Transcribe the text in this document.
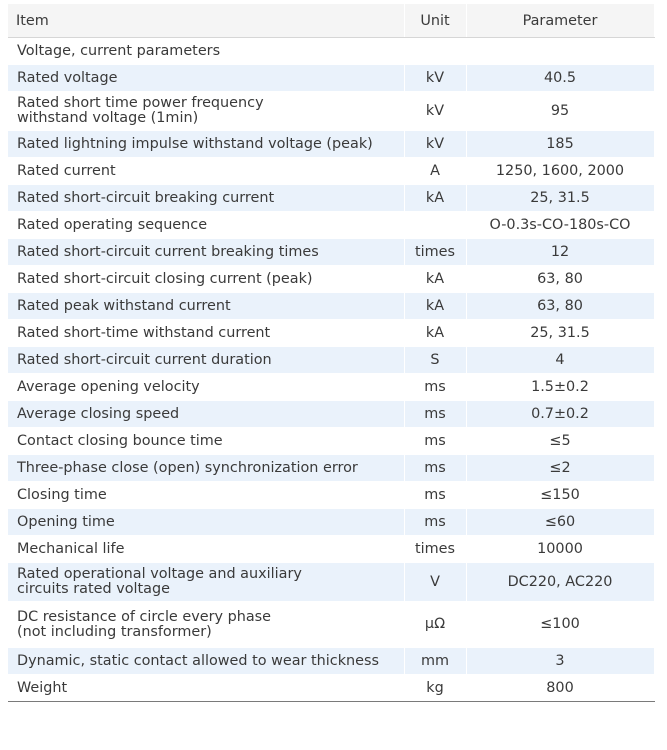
Item	Unit	Parameter
Voltage, current parameters		
Rated voltage	kV	40.5
Rated short time power frequency
withstand voltage (1min)	kV	95
Rated lightning impulse withstand voltage (peak)	kV	185
Rated current	A	1250, 1600, 2000
Rated short-circuit breaking current	kA	25, 31.5
Rated operating sequence		O-0.3s-CO-180s-CO
Rated short-circuit current breaking times	times	12
Rated short-circuit closing current (peak)	kA	63, 80
Rated peak withstand current	kA	63, 80
Rated short-time withstand current	kA	25, 31.5
Rated short-circuit current duration	S	4
Average opening velocity	ms	1.5±0.2
Average closing speed	ms	0.7±0.2
Contact closing bounce time	ms	≤5
Three-phase close (open) synchronization error	ms	≤2
Closing time	ms	≤150
Opening time	ms	≤60
Mechanical life	times	10000
Rated operational voltage and auxiliary
circuits rated voltage	V	DC220, AC220
DC resistance of circle every phase
(not including transformer)	μΩ	≤100
Dynamic, static contact allowed to wear thickness	mm	3
Weight	kg	800
